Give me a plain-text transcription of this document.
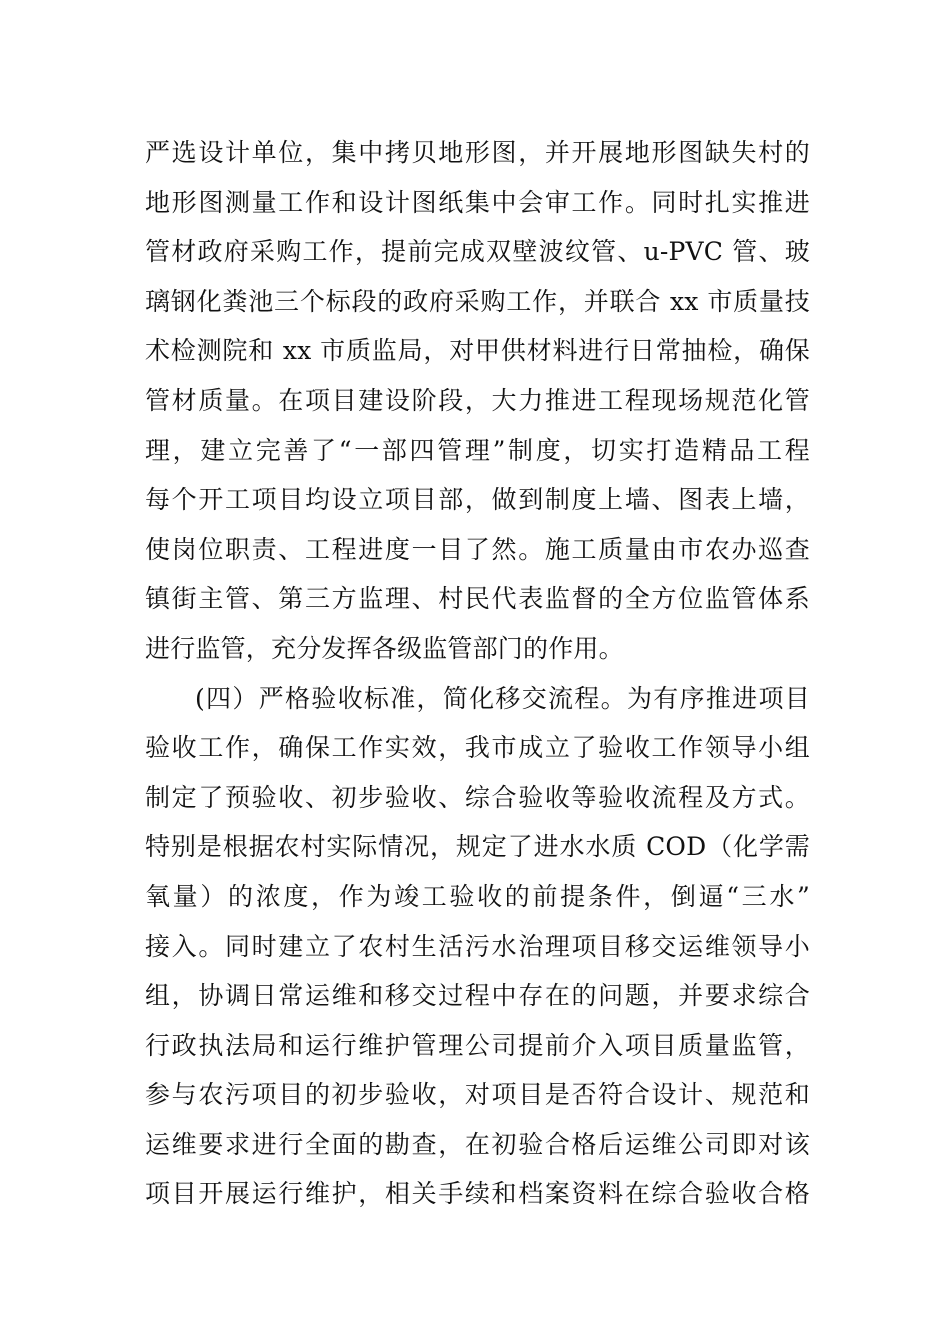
严选设计单位，集中拷贝地形图，并开展地形图缺失村的
地形图测量工作和设计图纸集中会审工作。同时扎实推进
管材政府采购工作，提前完成双壁波纹管、u-PVC 管、玻
璃钢化粪池三个标段的政府采购工作，并联合 xx 市质量技
术检测院和 xx 市质监局，对甲供材料进行日常抽检，确保
管材质量。在项目建设阶段，大力推进工程现场规范化管
理，建立完善了“一部四管理”制度，切实打造精品工程
每个开工项目均设立项目部，做到制度上墙、图表上墙，
使岗位职责、工程进度一目了然。施工质量由市农办巡查
镇街主管、第三方监理、村民代表监督的全方位监管体系
进行监管，充分发挥各级监管部门的作用。
(四）严格验收标准，简化移交流程。为有序推进项目
验收工作，确保工作实效，我市成立了验收工作领导小组
制定了预验收、初步验收、综合验收等验收流程及方式。
特别是根据农村实际情况，规定了进水水质 COD（化学需
氧量）的浓度，作为竣工验收的前提条件，倒逼“三水”
接入。同时建立了农村生活污水治理项目移交运维领导小
组，协调日常运维和移交过程中存在的问题，并要求综合
行政执法局和运行维护管理公司提前介入项目质量监管，
参与农污项目的初步验收，对项目是否符合设计、规范和
运维要求进行全面的勘查，在初验合格后运维公司即对该
项目开展运行维护，相关手续和档案资料在综合验收合格
